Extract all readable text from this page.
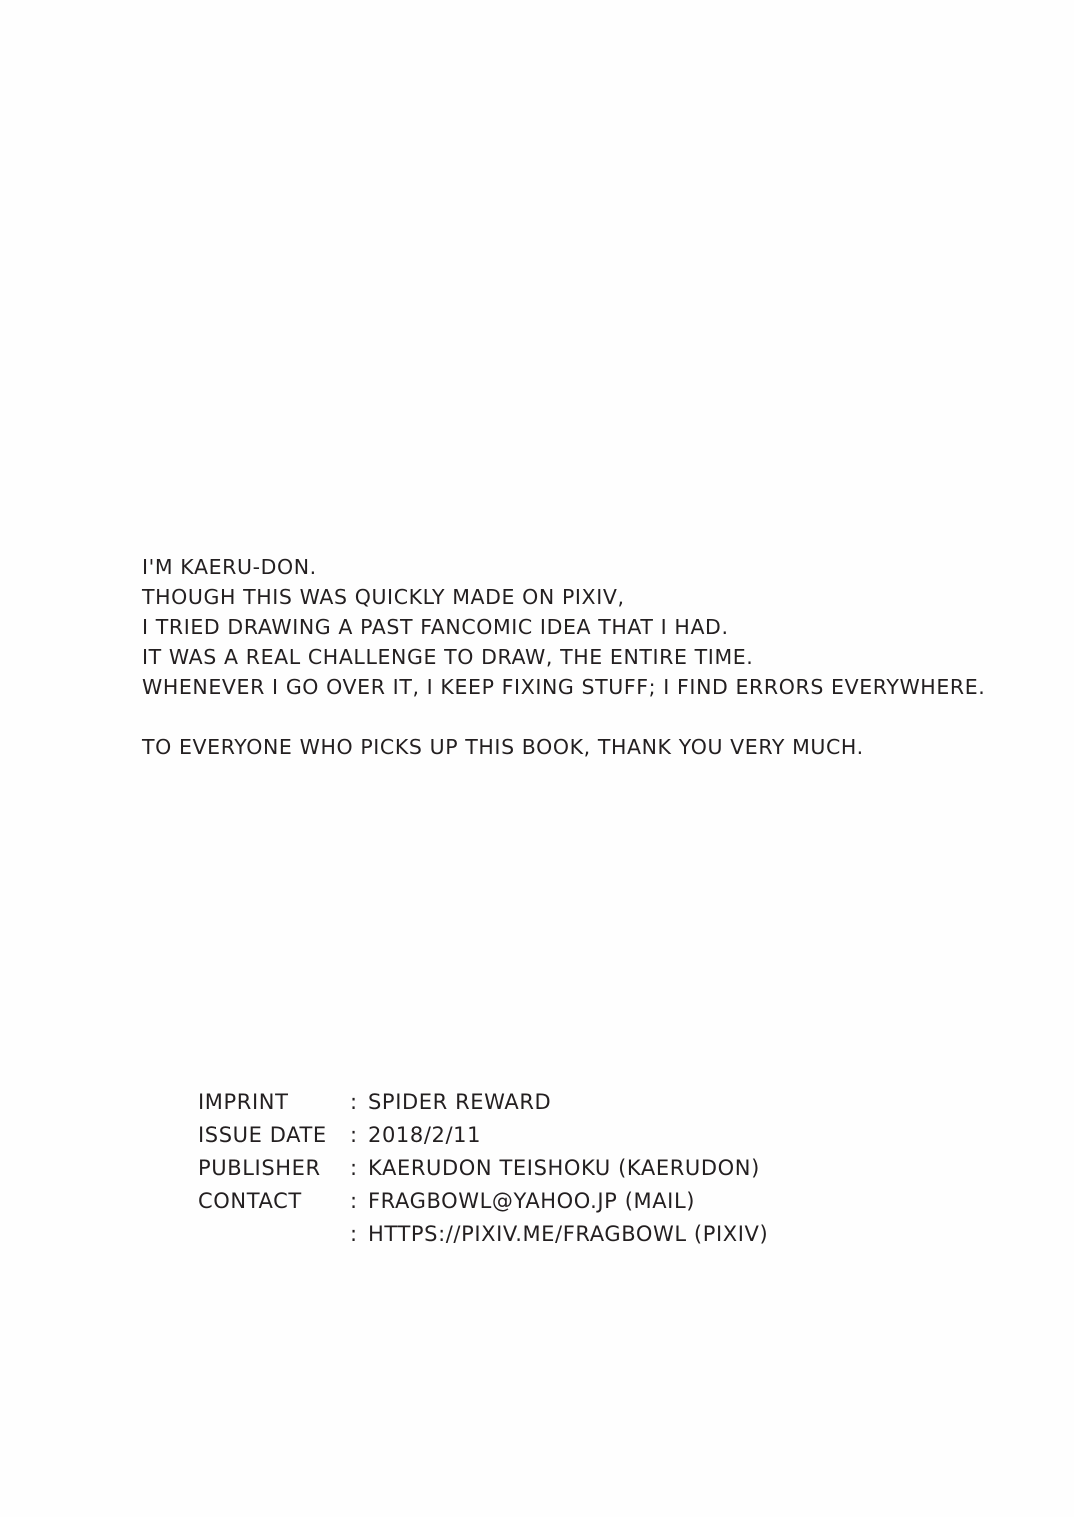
I'M KAERU-DON.
THOUGH THIS WAS QUICKLY MADE ON PIXIV,
I TRIED DRAWING A PAST FANCOMIC IDEA THAT I HAD.
IT WAS A REAL CHALLENGE TO DRAW, THE ENTIRE TIME.
WHENEVER I GO OVER IT, I KEEP FIXING STUFF; I FIND ERRORS EVERYWHERE.
TO EVERYONE WHO PICKS UP THIS BOOK, THANK YOU VERY MUCH.
IMPRINT	: SPIDER REWARD
ISSUE DATE	: 2018/2/11
PUBLISHER	: KAERUDON TEISHOKU (KAERUDON)
CONTACT	: FRAGBOWL@YAHOO.JP (MAIL)
: HTTPS://PIXIV.ME/FRAGBOWL (PIXIV)
